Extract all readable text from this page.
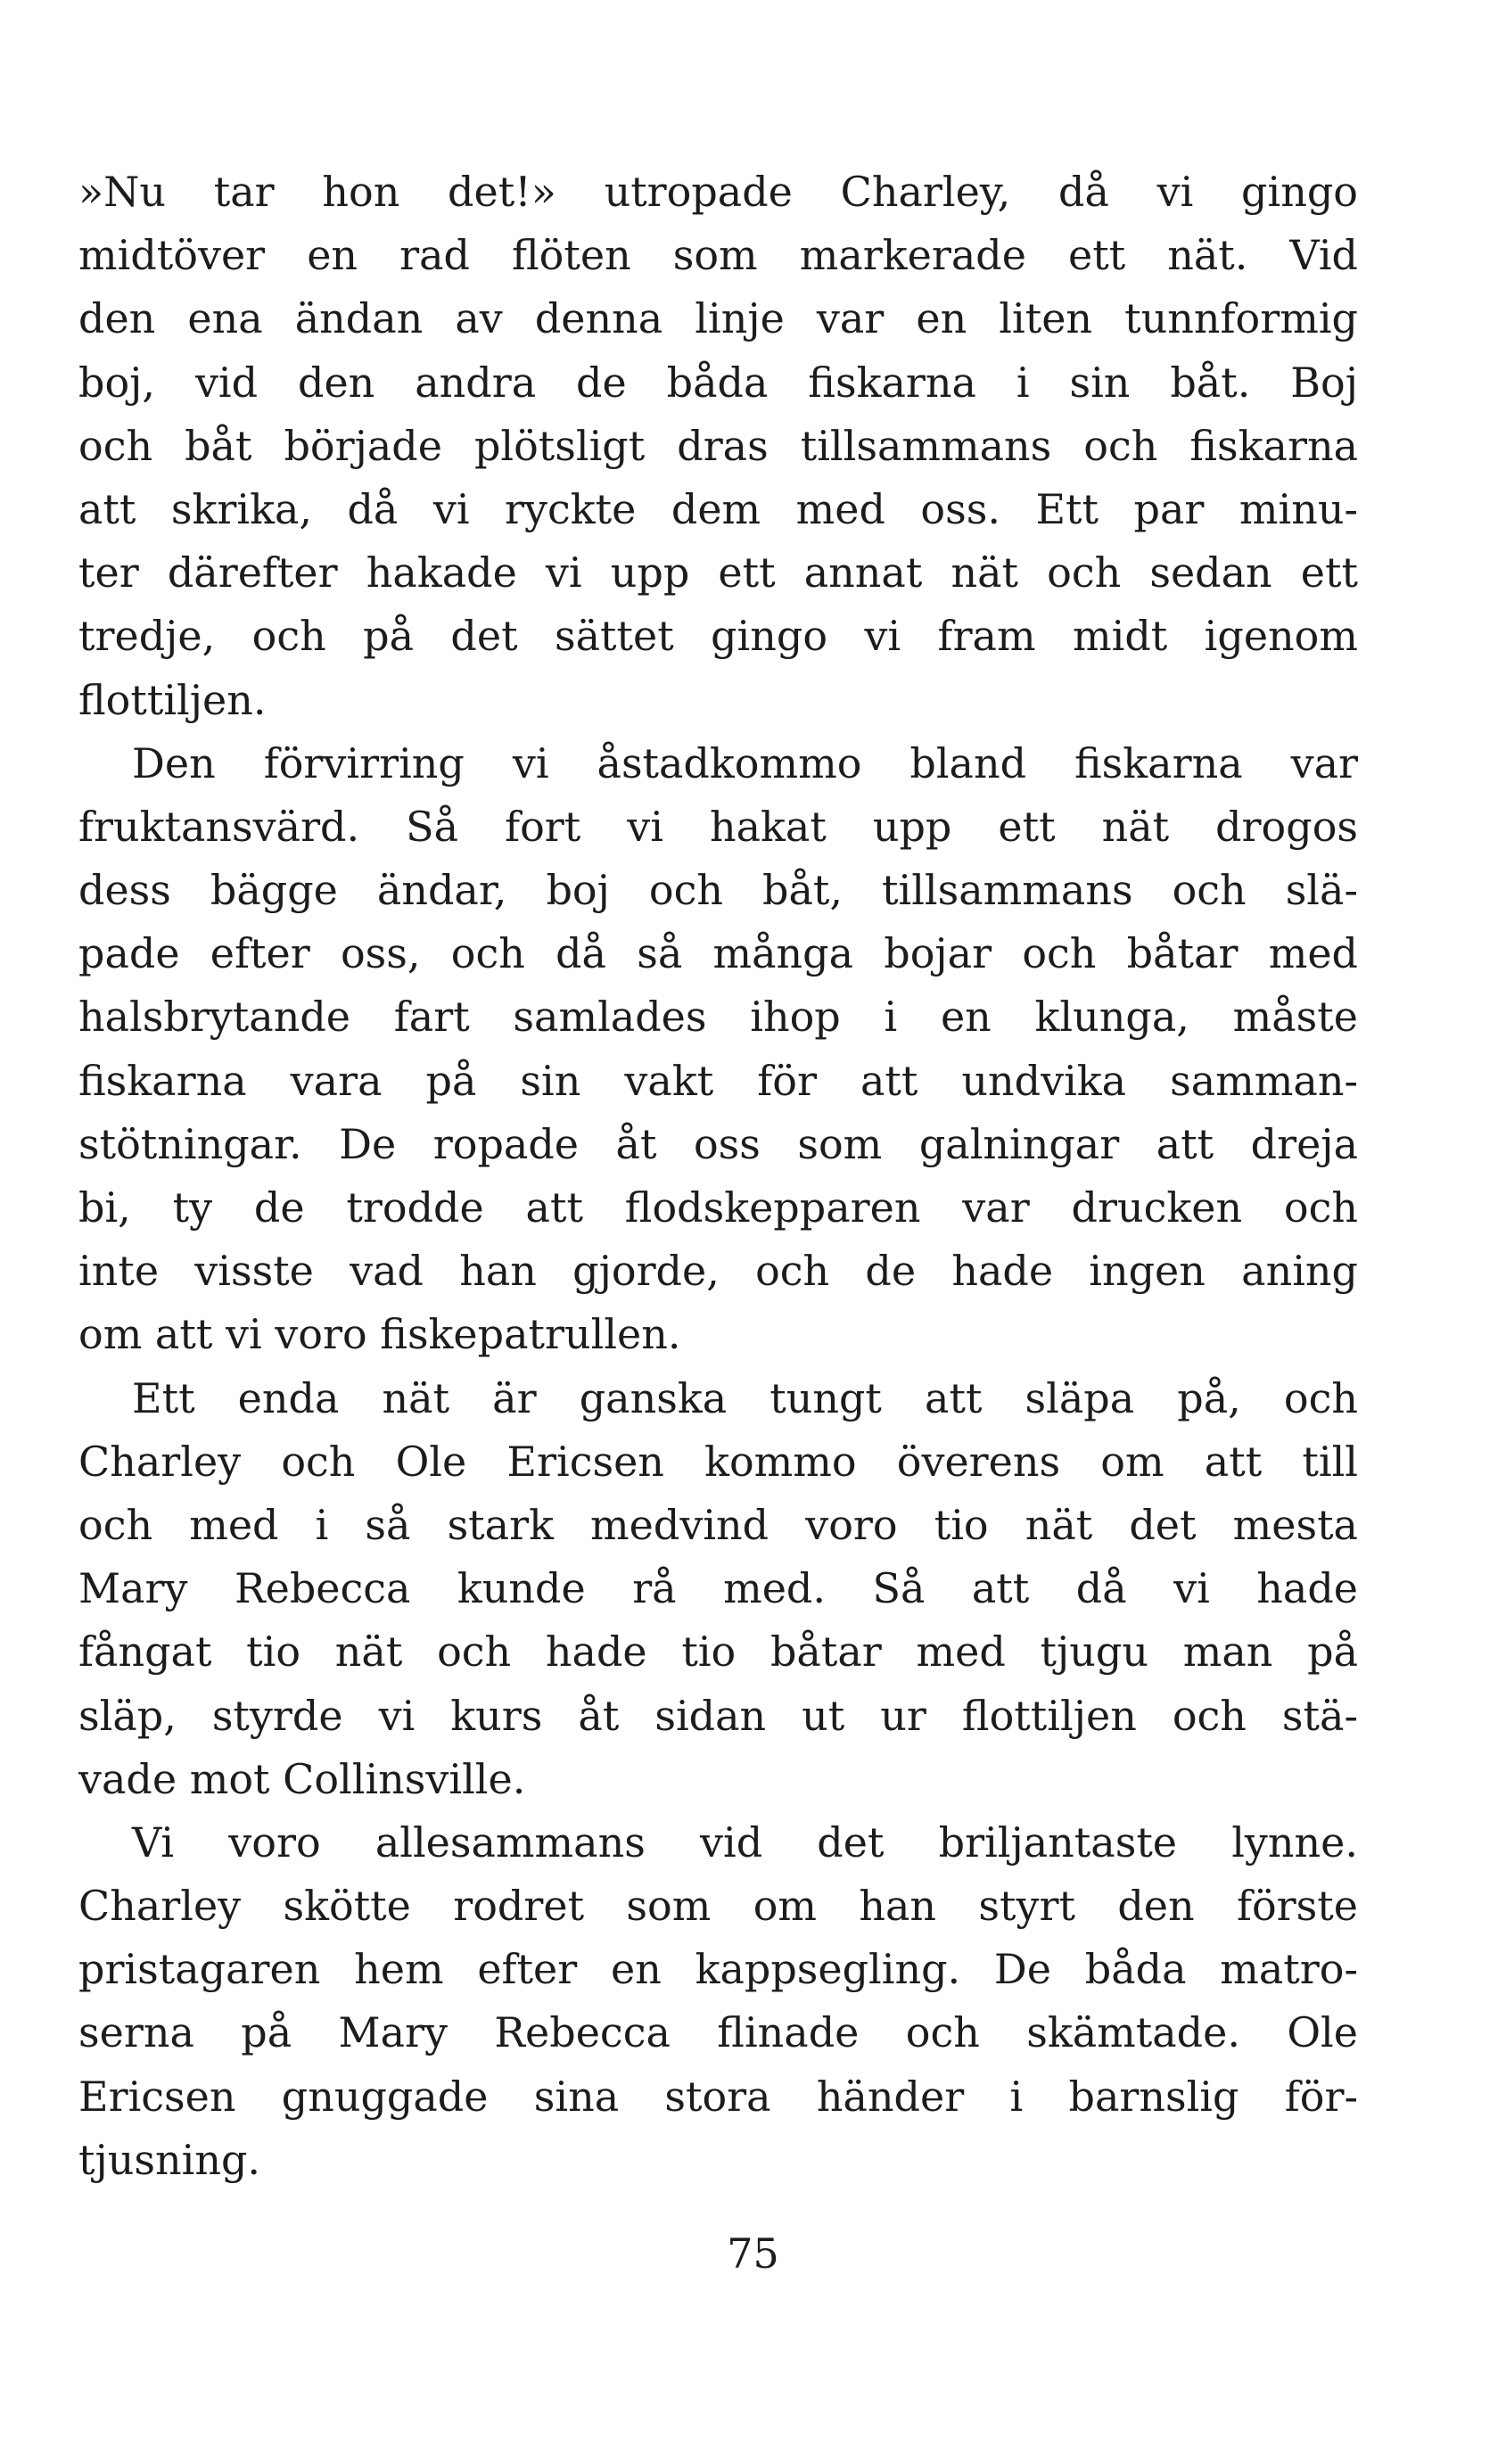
»Nu tar hon det!» utropade Charley, då vi gingo
midtöver en rad flöten som markerade ett nät. Vid
den ena ändan av denna linje var en liten tunnformig
boj, vid den andra de båda fiskarna i sin båt. Boj
och båt började plötsligt dras tillsammans och fiskarna
att skrika, då vi ryckte dem med oss. Ett par minu-
ter därefter hakade vi upp ett annat nät och sedan ett
tredje, och på det sättet gingo vi fram midt igenom
flottiljen.
Den förvirring vi åstadkommo bland fiskarna var
fruktansvärd. Så fort vi hakat upp ett nät drogos
dess bägge ändar, boj och båt, tillsammans och slä-
pade efter oss, och då så många bojar och båtar med
halsbrytande fart samlades ihop i en klunga, måste
fiskarna vara på sin vakt för att undvika samman-
stötningar. De ropade åt oss som galningar att dreja
bi, ty de trodde att flodskepparen var drucken och
inte visste vad han gjorde, och de hade ingen aning
om att vi voro fiskepatrullen.
Ett enda nät är ganska tungt att släpa på, och
Charley och Ole Ericsen kommo överens om att till
och med i så stark medvind voro tio nät det mesta
Mary Rebecca kunde rå med. Så att då vi hade
fångat tio nät och hade tio båtar med tjugu man på
släp, styrde vi kurs åt sidan ut ur flottiljen och stä-
vade mot Collinsville.
Vi voro allesammans vid det briljantaste lynne.
Charley skötte rodret som om han styrt den förste
pristagaren hem efter en kappsegling. De båda matro-
serna på Mary Rebecca flinade och skämtade. Ole
Ericsen gnuggade sina stora händer i barnslig för-
tjusning.
75
